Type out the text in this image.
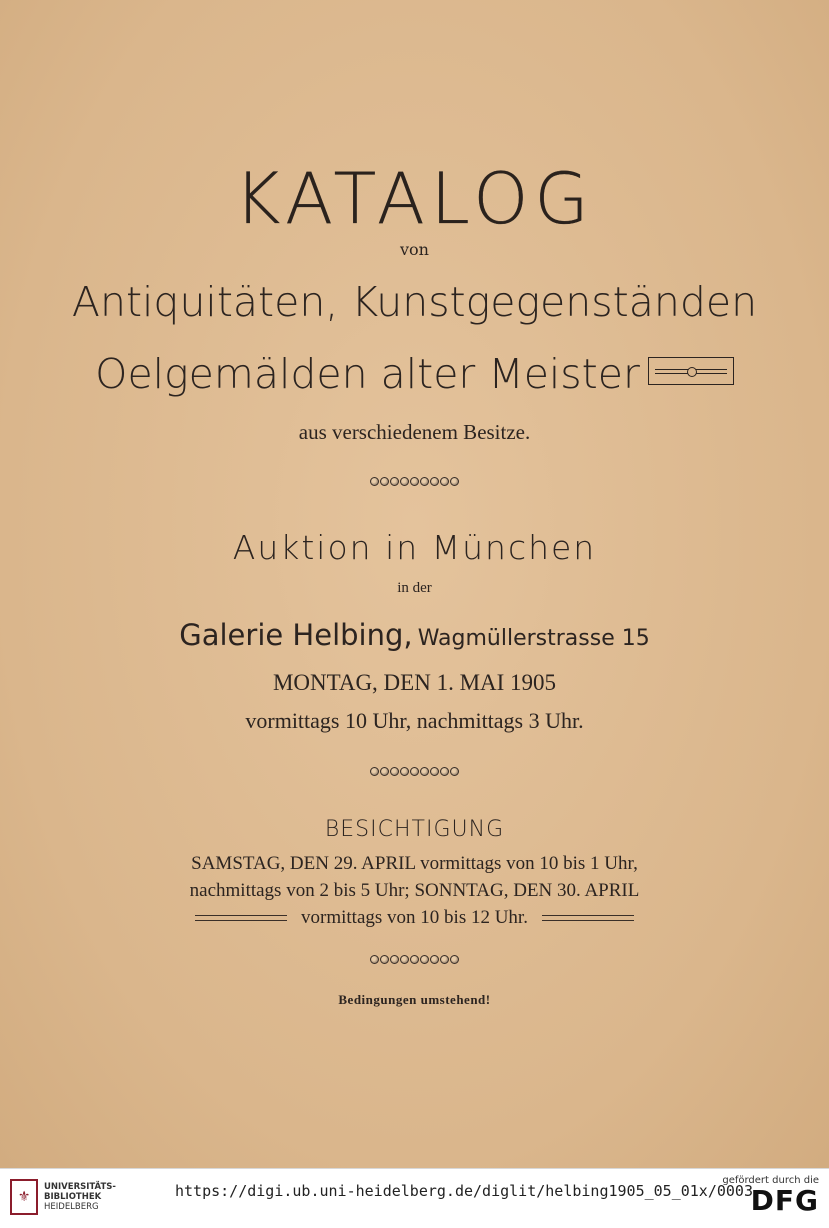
KATALOG
von
Antiquitäten, Kunstgegenständen
Oelgemälden alter Meister
aus verschiedenem Besitze.
Auktion in München
in der
Galerie Helbing, Wagmüllerstrasse 15
MONTAG, DEN 1. MAI 1905
vormittags 10 Uhr, nachmittags 3 Uhr.
BESICHTIGUNG
SAMSTAG, DEN 29. APRIL vormittags von 10 bis 1 Uhr,
nachmittags von 2 bis 5 Uhr; SONNTAG, DEN 30. APRIL
vormittags von 10 bis 12 Uhr.
Bedingungen umstehend!
⚜
UNIVERSITÄTS-
BIBLIOTHEK
HEIDELBERG
https://digi.ub.uni-heidelberg.de/diglit/helbing1905_05_01x/0003
gefördert durch die
DFG
